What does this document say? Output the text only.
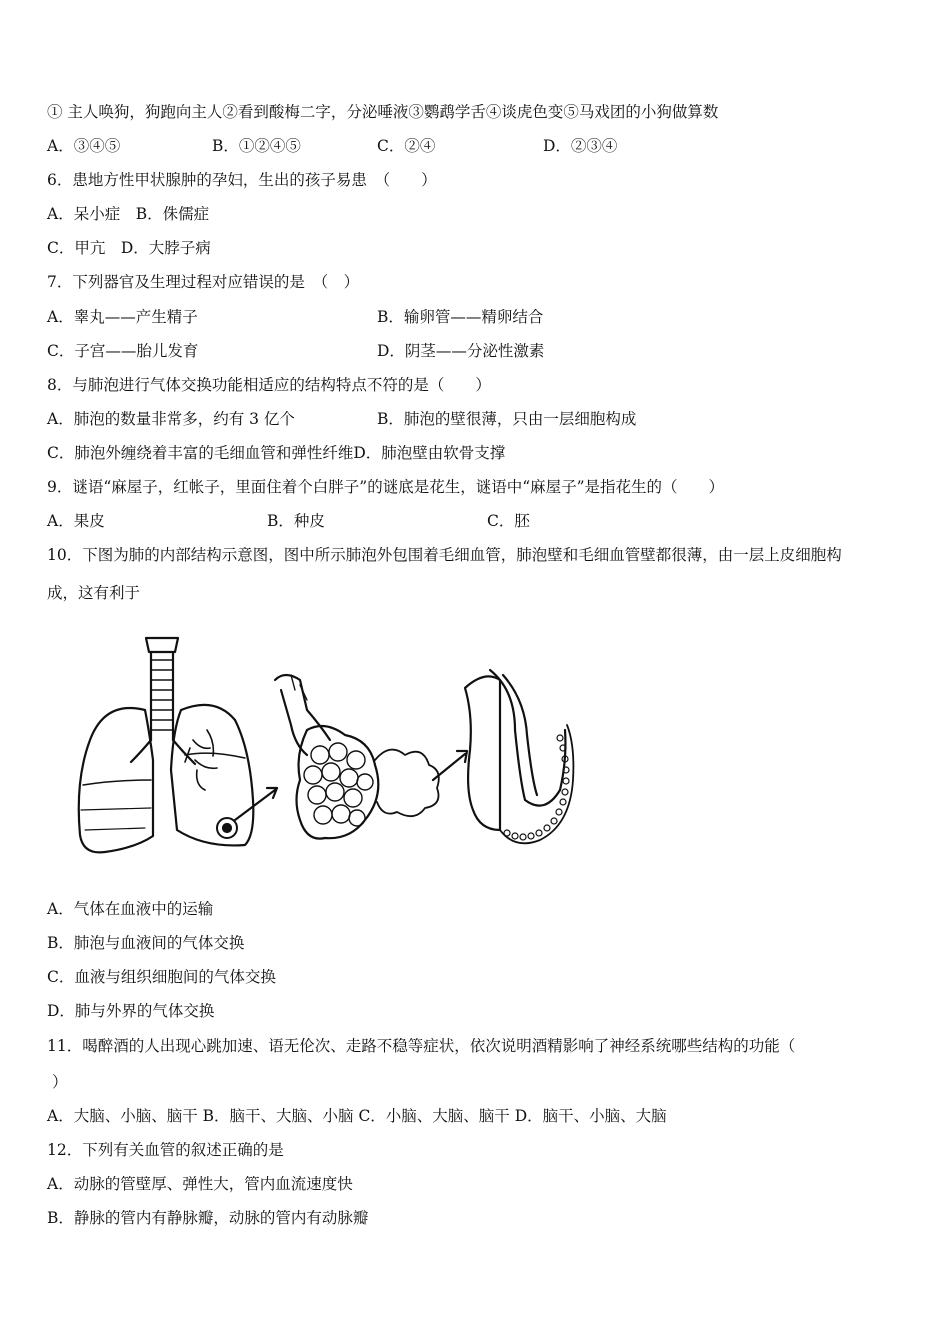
① 主人唤狗，狗跑向主人②看到酸梅二字，分泌唾液③鹦鹉学舌④谈虎色变⑤马戏团的小狗做算数
A．③④⑤	B．①②④⑤	C．②④	D．②③④
6．患地方性甲状腺肿的孕妇，生出的孩子易患　（　　）
A．呆小症　B．侏儒症
C．甲亢　D．大脖子病
7．下列器官及生理过程对应错误的是　（　）
A．睾丸——产生精子	B．输卵管——精卵结合
C．子宫——胎儿发育	D．阴茎——分泌性激素
8．与肺泡进行气体交换功能相适应的结构特点不符的是（　　）
A．肺泡的数量非常多，约有 3 亿个	B．肺泡的壁很薄，只由一层细胞构成
C．肺泡外缠绕着丰富的毛细血管和弹性纤维D．肺泡壁由软骨支撑
9．谜语“麻屋子，红帐子，里面住着个白胖子”的谜底是花生，谜语中“麻屋子”是指花生的（　　）
A．果皮	B．种皮	C．胚
10．下图为肺的内部结构示意图，图中所示肺泡外包围着毛细血管，肺泡壁和毛细血管壁都很薄，由一层上皮细胞构
成，这有利于
A．气体在血液中的运输
B．肺泡与血液间的气体交换
C．血液与组织细胞间的气体交换
D．肺与外界的气体交换
11．喝醉酒的人出现心跳加速、语无伦次、走路不稳等症状，依次说明酒精影响了神经系统哪些结构的功能（
）
A．大脑、小脑、脑干 B．脑干、大脑、小脑 C．小脑、大脑、脑干 D．脑干、小脑、大脑
12．下列有关血管的叙述正确的是
A．动脉的管壁厚、弹性大，管内血流速度快
B．静脉的管内有静脉瓣，动脉的管内有动脉瓣
